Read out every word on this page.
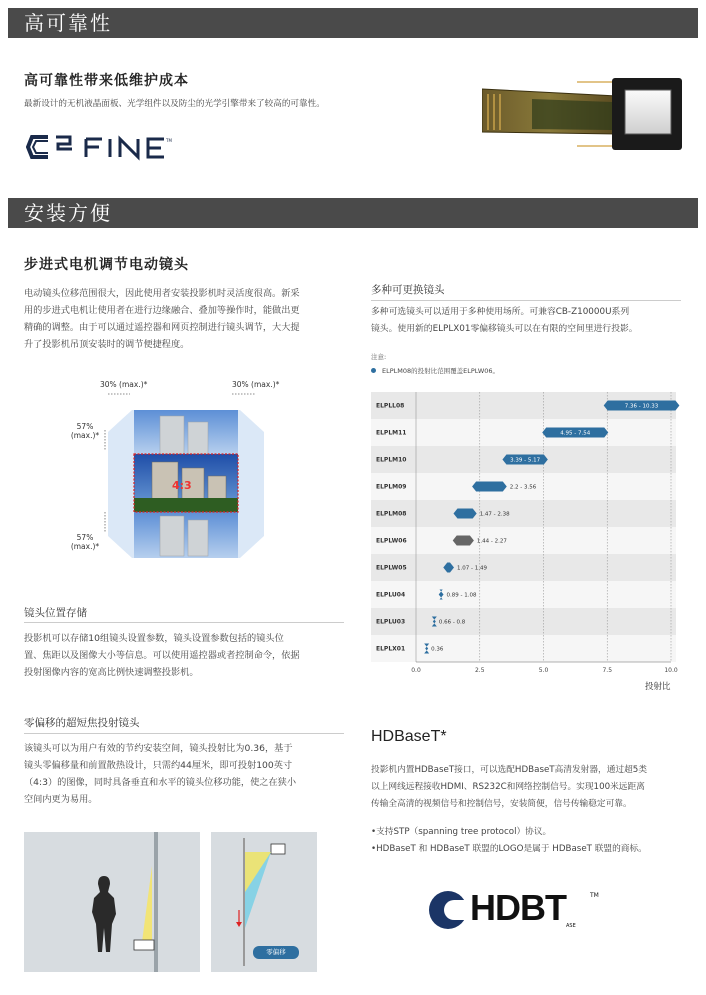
高可靠性
高可靠性带来低维护成本
最新设计的无机液晶面板、光学组件以及防尘的光学引擎带来了较高的可靠性。
TM
安装方便
步进式电机调节电动镜头
电动镜头位移范围很大，因此使用者安装投影机时灵活度很高。新采
用的步进式电机让使用者在进行边缘融合、叠加等操作时，能做出更
精确的调整。由于可以通过遥控器和网页控制进行镜头调节，大大提
升了投影机吊顶安装时的调节便捷程度。
30% (max.)*	30% (max.)*
57%
(max.)*
57%
(max.)*
4:3
镜头位置存储
投影机可以存储10组镜头设置参数，镜头设置参数包括的镜头位
置、焦距以及图像大小等信息。可以使用遥控器或者控制命令，依据
投射图像内容的宽高比例快速调整投影机。
零偏移的超短焦投射镜头
该镜头可以为用户有效的节约安装空间，镜头投射比为0.36，基于
镜头零偏移量和前置散热设计，只需约44厘米，即可投射100英寸
（4:3）的图像，同时具备垂直和水平的镜头位移功能，使之在狭小
空间内更为易用。
零偏移
多种可更换镜头
多种可选镜头可以适用于多种使用场所。可兼容CB-Z10000U系列
镜头。使用新的ELPLX01零偏移镜头可以在有限的空间里进行投影。
注意:
ELPLM08的投射比范围覆盖ELPLW06。
0.0	2.5	5.0	7.5	10.0
ELPLL08	7.36 - 10.33
ELPLM11	4.95 - 7.54
ELPLM10	3.39 - 5.17
ELPLM09	2.2 - 3.56
ELPLM08	1.47 - 2.38
ELPLW06	1.44 - 2.27
ELPLW05	1.07 - 1.49
ELPLU04	0.89 - 1.08
ELPLU03	0.66 - 0.8
ELPLX01	0.36
投射比
HDBaseT*
投影机内置HDBaseT接口，可以选配HDBaseT高清发射器，通过超5类
以上网线远程接收HDMI、RS232C和网络控制信号。实现100米远距离
传输全高清的视频信号和控制信号，安装简便，信号传输稳定可靠。
•支持STP（spanning tree protocol）协议。
•HDBaseT 和 HDBaseT 联盟的LOGO是属于 HDBaseT 联盟的商标。
HDBT ASE
TM
